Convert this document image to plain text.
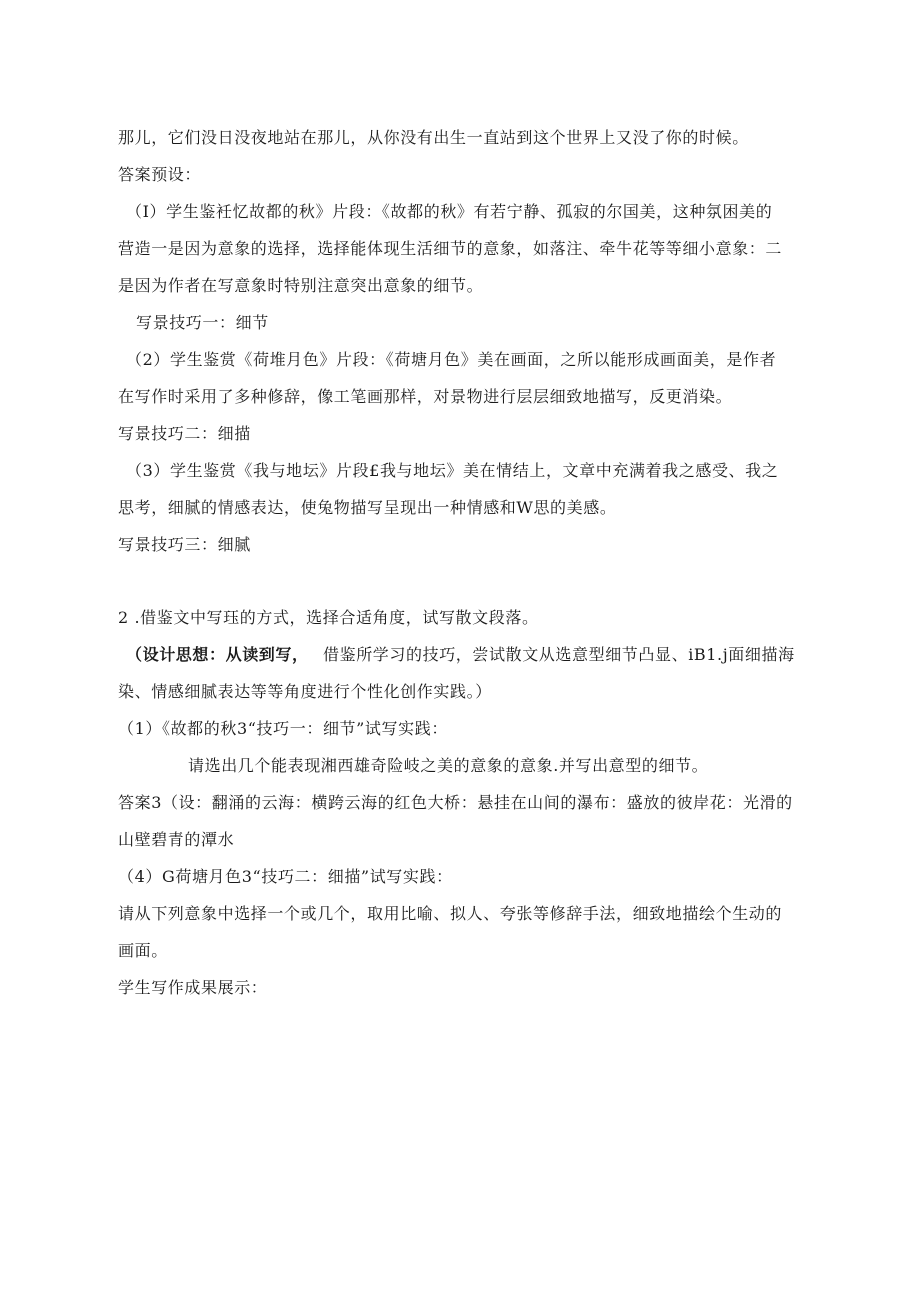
那儿，它们没日没夜地站在那儿，从你没有出生一直站到这个世界上又没了你的时候。
答案预设：
（I）学生鉴衽忆故都的秋》片段：《故都的秋》有若宁静、孤寂的尔国美，这种氛困美的
营造一是因为意象的选择，选择能体现生活细节的意象，如落注、牵牛花等等细小意象：二
是因为作者在写意象时特别注意突出意象的细节。
写景技巧一：细节
（2）学生鉴赏《荷堆月色》片段：《荷塘月色》美在画面，之所以能形成画面美，是作者
在写作时采用了多种修辞，像工笔画那样，对景物进行层层细致地描写，反更消染。
写景技巧二：细描
（3）学生鉴赏《我与地坛》片段£我与地坛》美在情结上，文章中充满着我之感受、我之
思考，细腻的情感表达，使兔物描写呈现出一种情感和W思的美感。
写景技巧三：细腻
2 .借鉴文中写珏的方式，选择合适角度，试写散文段落。
（设计思想：从读到写， 借鉴所学习的技巧，尝试散文从选意型细节凸显、iB1.j面细描海
染、情感细腻表达等等角度进行个性化创作实践。）
（1）《故都的秋3“技巧一：细节”试写实践：
请选出几个能表现湘西雄奇险岐之美的意象的意象.并写出意型的细节。
答案3（设：翻涌的云海：横跨云海的红色大桥：悬挂在山间的瀑布：盛放的彼岸花：光滑的
山壁碧青的潭水
（4）G荷塘月色3“技巧二：细描”试写实践：
请从下列意象中选择一个或几个，取用比喻、拟人、夸张等修辞手法，细致地描绘个生动的
画面。
学生写作成果展示：
